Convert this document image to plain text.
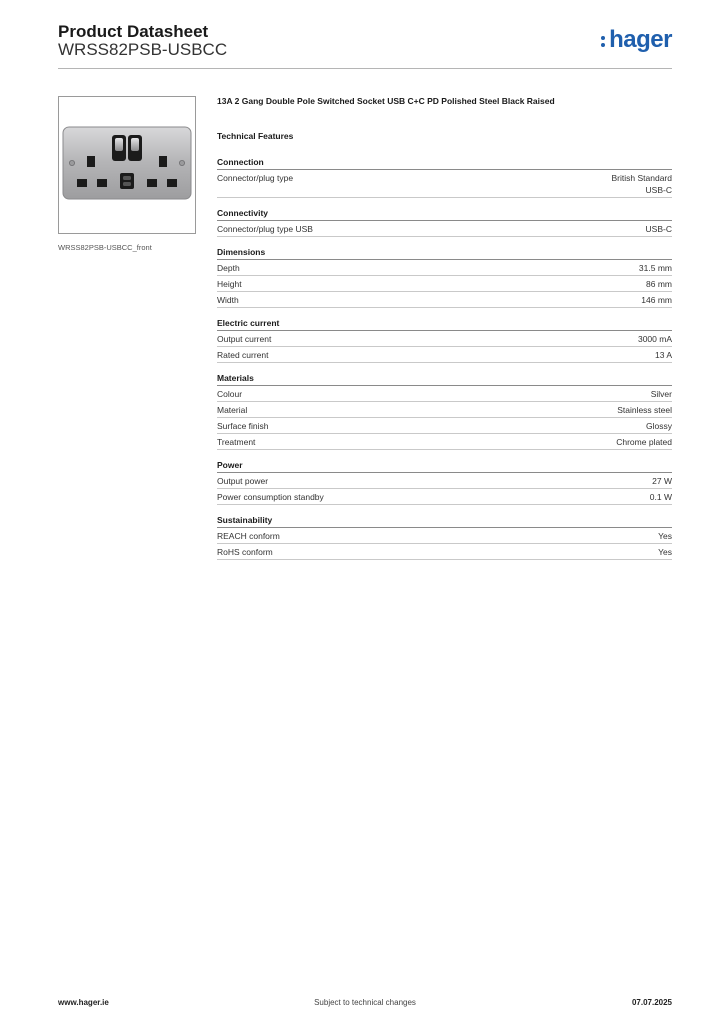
Product Datasheet
WRSS82PSB-USBCC	hager
WRSS82PSB-USBCC_front
13A 2 Gang Double Pole Switched Socket USB C+C PD Polished Steel Black Raised
Technical Features
Connection
Connector/plug type	British Standard
USB-C
Connectivity
Connector/plug type USB	USB-C
Dimensions
Depth	31.5 mm
Height	86 mm
Width	146 mm
Electric current
Output current	3000 mA
Rated current	13 A
Materials
Colour	Silver
Material	Stainless steel
Surface finish	Glossy
Treatment	Chrome plated
Power
Output power	27 W
Power consumption standby	0.1 W
Sustainability
REACH conform	Yes
RoHS conform	Yes
www.hager.ie	Subject to technical changes	07.07.2025
